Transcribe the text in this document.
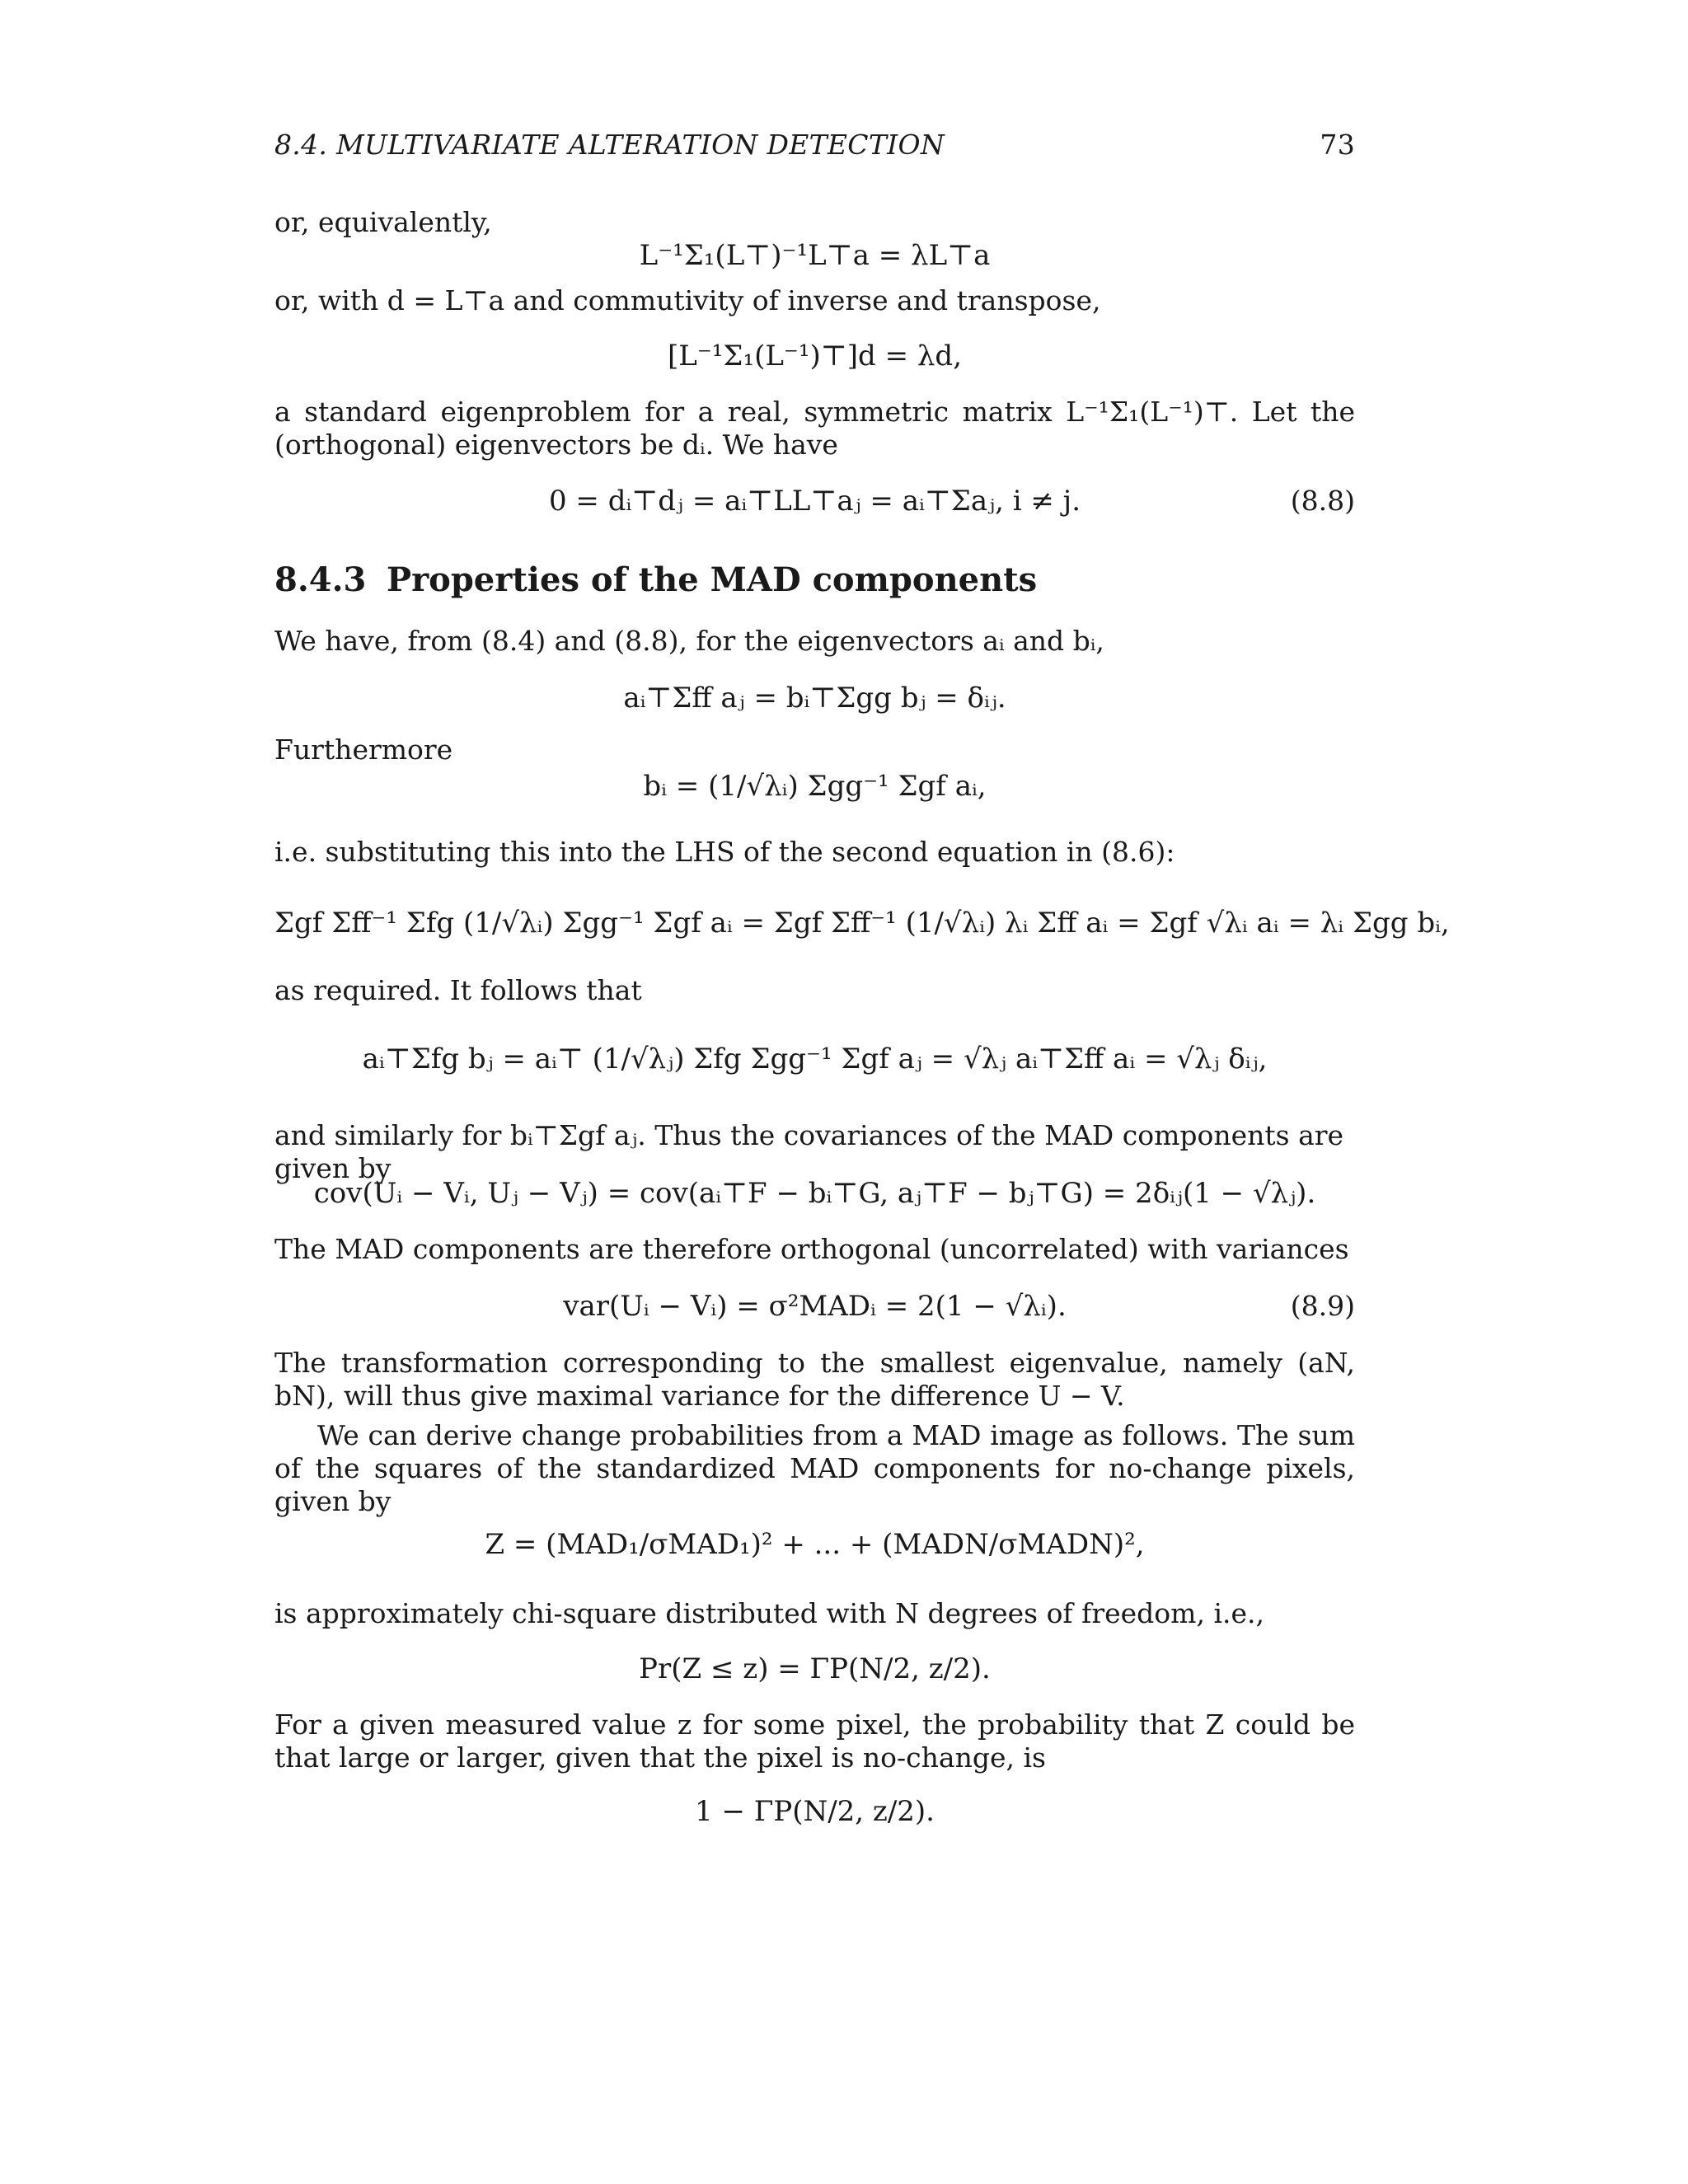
8.4. MULTIVARIATE ALTERATION DETECTION	73
or, equivalently,
L⁻¹Σ₁(L⊤)⁻¹L⊤a = λL⊤a
or, with d = L⊤a and commutivity of inverse and transpose,
[L⁻¹Σ₁(L⁻¹)⊤]d = λd,
a standard eigenproblem for a real, symmetric matrix L⁻¹Σ₁(L⁻¹)⊤. Let the (orthogonal) eigenvectors be dᵢ. We have
0 = dᵢ⊤dⱼ = aᵢ⊤LL⊤aⱼ = aᵢ⊤Σaⱼ, i ≠ j.	(8.8)
8.4.3 Properties of the MAD components
We have, from (8.4) and (8.8), for the eigenvectors aᵢ and bᵢ,
aᵢ⊤Σff aⱼ = bᵢ⊤Σgg bⱼ = δᵢⱼ.
Furthermore
bᵢ = (1/√λᵢ) Σgg⁻¹ Σgf aᵢ,
i.e. substituting this into the LHS of the second equation in (8.6):
Σgf Σff⁻¹ Σfg (1/√λᵢ) Σgg⁻¹ Σgf aᵢ = Σgf Σff⁻¹ (1/√λᵢ) λᵢ Σff aᵢ = Σgf √λᵢ aᵢ = λᵢ Σgg bᵢ,
as required. It follows that
aᵢ⊤Σfg bⱼ = aᵢ⊤ (1/√λⱼ) Σfg Σgg⁻¹ Σgf aⱼ = √λⱼ aᵢ⊤Σff aᵢ = √λⱼ δᵢⱼ,
and similarly for bᵢ⊤Σgf aⱼ. Thus the covariances of the MAD components are given by
cov(Uᵢ − Vᵢ, Uⱼ − Vⱼ) = cov(aᵢ⊤F − bᵢ⊤G, aⱼ⊤F − bⱼ⊤G) = 2δᵢⱼ(1 − √λⱼ).
The MAD components are therefore orthogonal (uncorrelated) with variances
var(Uᵢ − Vᵢ) = σ²MADᵢ = 2(1 − √λᵢ).	(8.9)
The transformation corresponding to the smallest eigenvalue, namely (aN, bN), will thus give maximal variance for the difference U − V.
We can derive change probabilities from a MAD image as follows. The sum of the squares of the standardized MAD components for no-change pixels, given by
Z = (MAD₁/σMAD₁)² + ... + (MADN/σMADN)²,
is approximately chi-square distributed with N degrees of freedom, i.e.,
Pr(Z ≤ z) = ΓP(N/2, z/2).
For a given measured value z for some pixel, the probability that Z could be that large or larger, given that the pixel is no-change, is
1 − ΓP(N/2, z/2).
